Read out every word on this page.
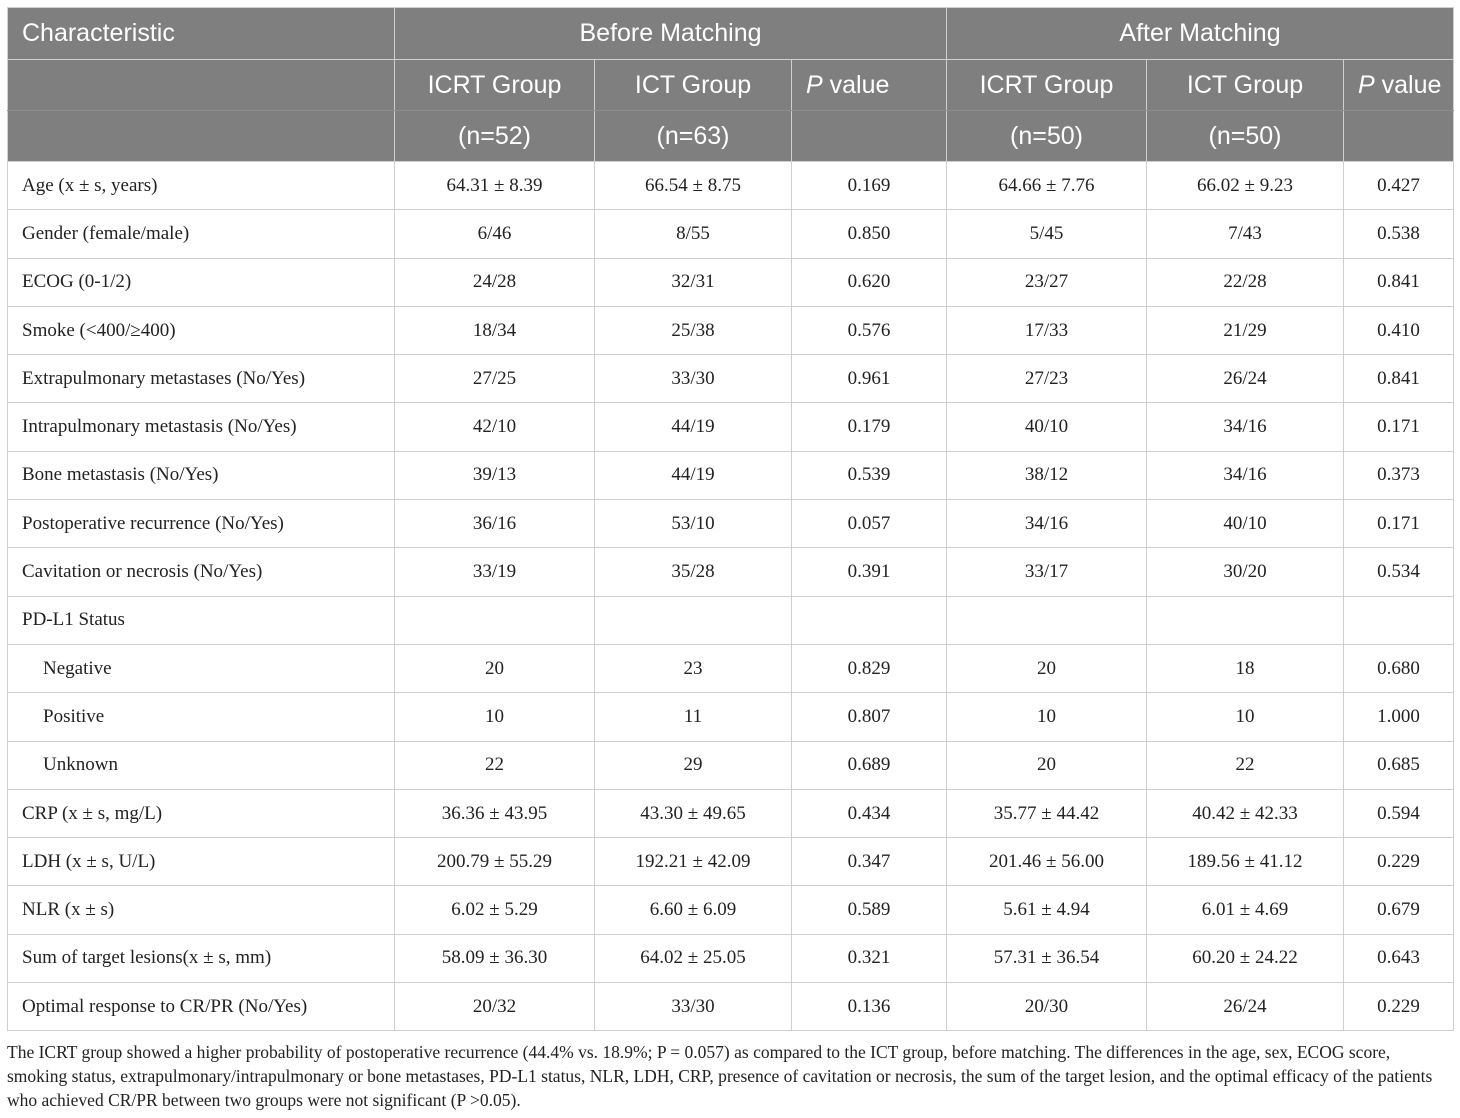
Characteristic	Before Matching			After Matching		
	ICRT Group	ICT Group	P value	ICRT Group	ICT Group	P value
	(n=52)	(n=63)		(n=50)	(n=50)	
Age (x ± s, years)	64.31 ± 8.39	66.54 ± 8.75	0.169	64.66 ± 7.76	66.02 ± 9.23	0.427
Gender (female/male)	6/46	8/55	0.850	5/45	7/43	0.538
ECOG (0-1/2)	24/28	32/31	0.620	23/27	22/28	0.841
Smoke (<400/≥400)	18/34	25/38	0.576	17/33	21/29	0.410
Extrapulmonary metastases (No/Yes)	27/25	33/30	0.961	27/23	26/24	0.841
Intrapulmonary metastasis (No/Yes)	42/10	44/19	0.179	40/10	34/16	0.171
Bone metastasis (No/Yes)	39/13	44/19	0.539	38/12	34/16	0.373
Postoperative recurrence (No/Yes)	36/16	53/10	0.057	34/16	40/10	0.171
Cavitation or necrosis (No/Yes)	33/19	35/28	0.391	33/17	30/20	0.534
PD-L1 Status						
Negative	20	23	0.829	20	18	0.680
Positive	10	11	0.807	10	10	1.000
Unknown	22	29	0.689	20	22	0.685
CRP (x ± s, mg/L)	36.36 ± 43.95	43.30 ± 49.65	0.434	35.77 ± 44.42	40.42 ± 42.33	0.594
LDH (x ± s, U/L)	200.79 ± 55.29	192.21 ± 42.09	0.347	201.46 ± 56.00	189.56 ± 41.12	0.229
NLR (x ± s)	6.02 ± 5.29	6.60 ± 6.09	0.589	5.61 ± 4.94	6.01 ± 4.69	0.679
Sum of target lesions(x ± s, mm)	58.09 ± 36.30	64.02 ± 25.05	0.321	57.31 ± 36.54	60.20 ± 24.22	0.643
Optimal response to CR/PR (No/Yes)	20/32	33/30	0.136	20/30	26/24	0.229
The ICRT group showed a higher probability of postoperative recurrence (44.4% vs. 18.9%; P = 0.057) as compared to the ICT group, before matching. The differences in the age, sex, ECOG score, smoking status, extrapulmonary/intrapulmonary or bone metastases, PD-L1 status, NLR, LDH, CRP, presence of cavitation or necrosis, the sum of the target lesion, and the optimal efficacy of the patients who achieved CR/PR between two groups were not significant (P >0.05).
